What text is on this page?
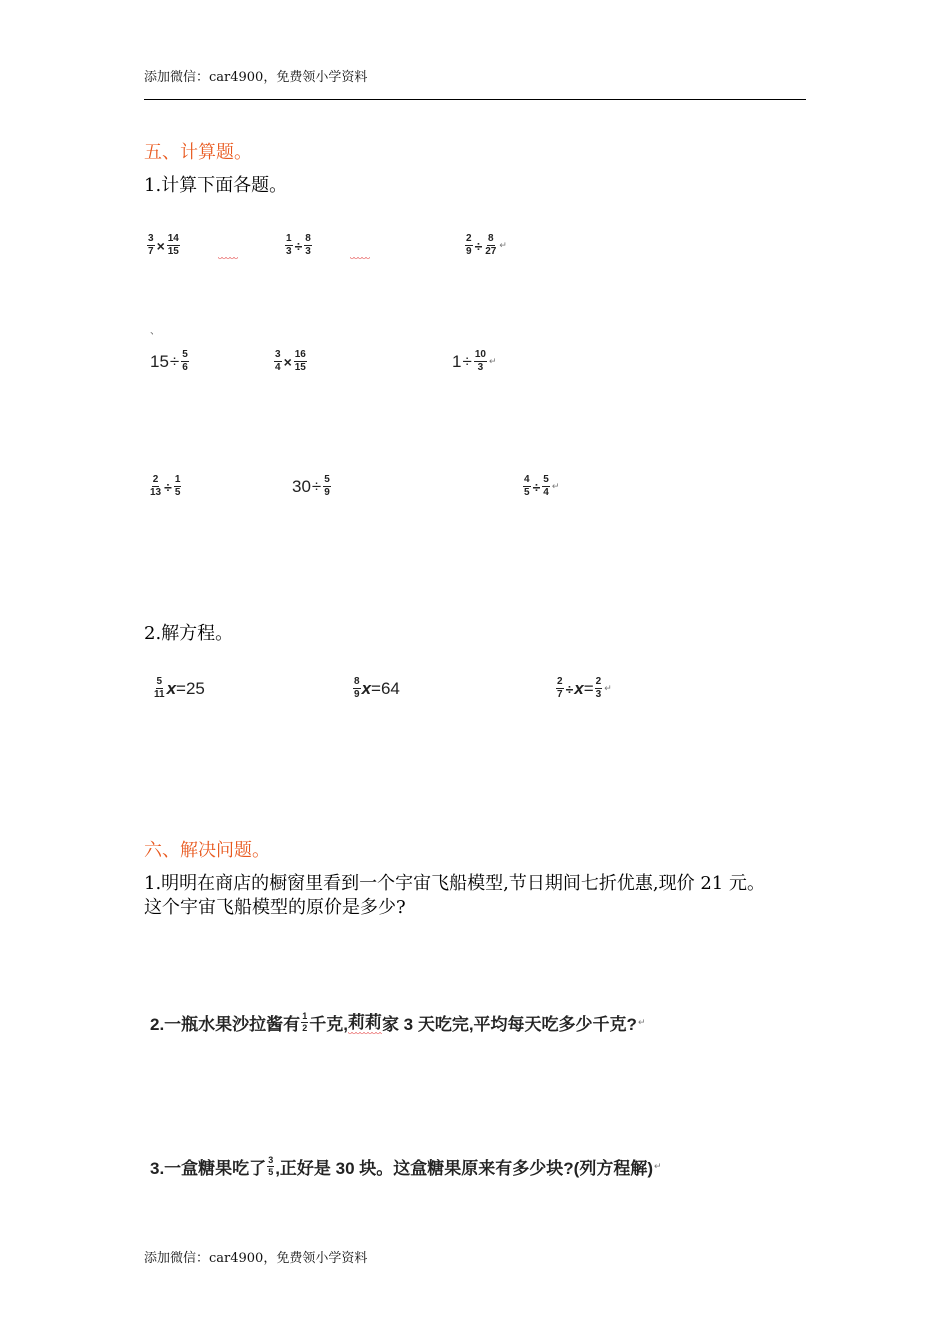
添加微信：car4900，免费领小学资料
五、计算题。
1.计算下面各题。
$\frac{3}{7} \times \frac{14}{15}$	$\frac{1}{3} \div \frac{8}{3}$	$\frac{2}{9} \div \frac{8}{27}$ ↵
、
$15 \div \frac{5}{6}$	$\frac{3}{4} \times \frac{16}{15}$	$1 \div \frac{10}{3}$ ↵
$\frac{2}{13} \div \frac{1}{5}$	$30 \div \frac{5}{9}$	$\frac{4}{5} \div \frac{5}{4}$ ↵
2.解方程。
$\frac{5}{11}$ x =25	$\frac{8}{9}$ x =64	$\frac{2}{7} \div x = \frac{2}{3}$ ↵
六、解决问题。
1.明明在商店的橱窗里看到一个宇宙飞船模型,节日期间七折优惠,现价 21 元。
这个宇宙飞船模型的原价是多少?
2.一瓶水果沙拉酱有 $\frac{1}{2}$ 千克, 莉莉 家 3 天吃完,平均每天吃多少千克? ↵
3.一盒糖果吃了 $\frac{3}{5}$ ,正好是 30 块。这盒糖果原来有多少块?(列方程解) ↵
添加微信：car4900，免费领小学资料
